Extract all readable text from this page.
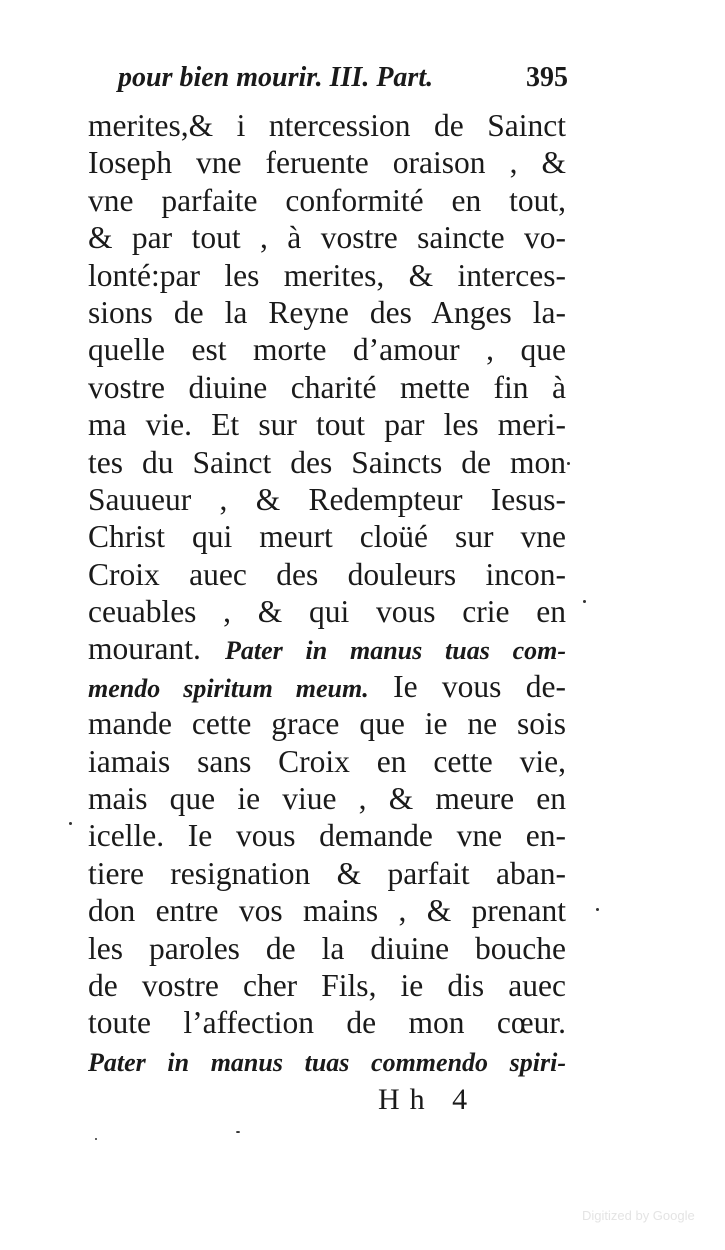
pour bien mourir. III. Part.	395
merites,& i ntercession de Sainct
Ioseph vne feruente oraison , &
vne parfaite conformité en tout,
& par tout , à vostre saincte vo-
lonté:par les merites, & interces-
sions de la Reyne des Anges la-
quelle est morte d’amour , que
vostre diuine charité mette fin à
ma vie. Et sur tout par les meri-
tes du Sainct des Saincts de mon
Sauueur , & Redempteur Iesus-
Christ qui meurt cloüé sur vne
Croix auec des douleurs incon-
ceuables , & qui vous crie en
mourant. Pater in manus tuas com-
mendo spiritum meum. Ie vous de-
mande cette grace que ie ne sois
iamais sans Croix en cette vie,
mais que ie viue , & meure en
icelle. Ie vous demande vne en-
tiere resignation & parfait aban-
don entre vos mains , & prenant
les paroles de la diuine bouche
de vostre cher Fils, ie dis auec
toute l’affection de mon cœur.
Pater in manus tuas commendo spiri-
Hh 4
Digitized by Google
